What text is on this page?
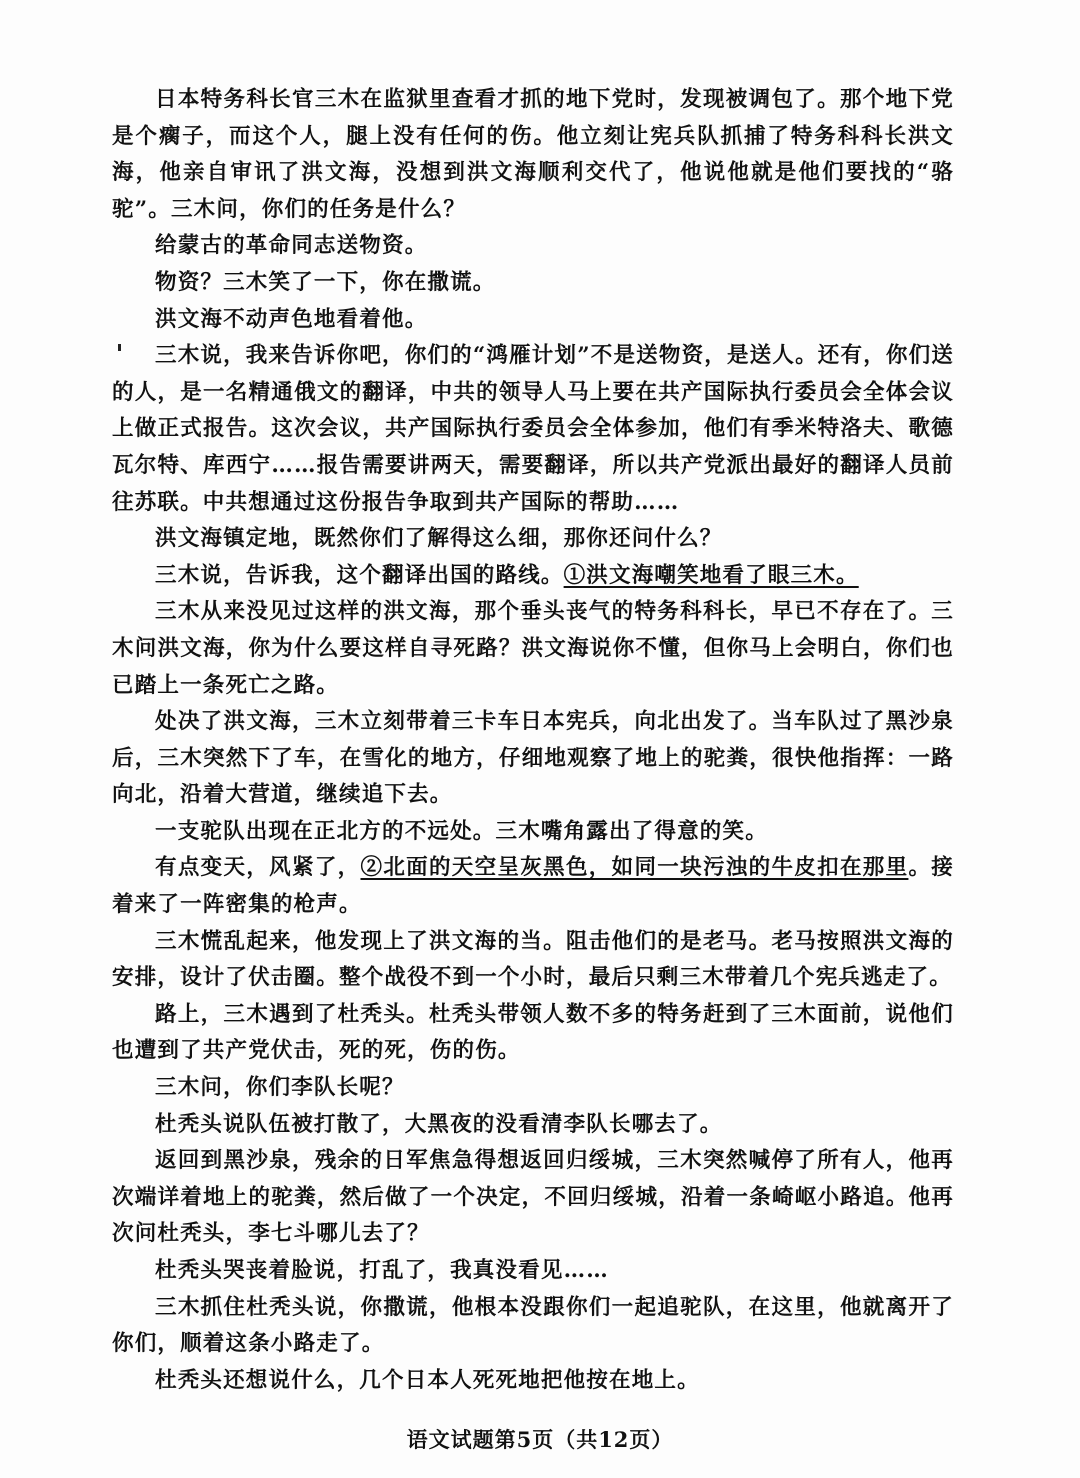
日本特务科长官三木在监狱里查看才抓的地下党时，发现被调包了。那个地下党是个瘸子，而这个人，腿上没有任何的伤。他立刻让宪兵队抓捕了特务科科长洪文海，他亲自审讯了洪文海，没想到洪文海顺利交代了，他说他就是他们要找的“骆驼”。三木问，你们的任务是什么？

给蒙古的革命同志送物资。

物资？三木笑了一下，你在撒谎。

洪文海不动声色地看着他。

三木说，我来告诉你吧，你们的“鸿雁计划”不是送物资，是送人。还有，你们送的人，是一名精通俄文的翻译，中共的领导人马上要在共产国际执行委员会全体会议上做正式报告。这次会议，共产国际执行委员会全体参加，他们有季米特洛夫、歌德瓦尔特、库西宁……报告需要讲两天，需要翻译，所以共产党派出最好的翻译人员前往苏联。中共想通过这份报告争取到共产国际的帮助……

洪文海镇定地，既然你们了解得这么细，那你还问什么？

三木说，告诉我，这个翻译出国的路线。①洪文海嘲笑地看了眼三木。

三木从来没见过这样的洪文海，那个垂头丧气的特务科科长，早已不存在了。三木问洪文海，你为什么要这样自寻死路？洪文海说你不懂，但你马上会明白，你们也已踏上一条死亡之路。

处决了洪文海，三木立刻带着三卡车日本宪兵，向北出发了。当车队过了黑沙泉后，三木突然下了车，在雪化的地方，仔细地观察了地上的驼粪，很快他指挥：一路向北，沿着大营道，继续追下去。

一支驼队出现在正北方的不远处。三木嘴角露出了得意的笑。

有点变天，风紧了，②北面的天空呈灰黑色，如同一块污浊的牛皮扣在那里。接着来了一阵密集的枪声。

三木慌乱起来，他发现上了洪文海的当。阻击他们的是老马。老马按照洪文海的安排，设计了伏击圈。整个战役不到一个小时，最后只剩三木带着几个宪兵逃走了。

路上，三木遇到了杜秃头。杜秃头带领人数不多的特务赶到了三木面前，说他们也遭到了共产党伏击，死的死，伤的伤。

三木问，你们李队长呢？

杜秃头说队伍被打散了，大黑夜的没看清李队长哪去了。

返回到黑沙泉，残余的日军焦急得想返回归绥城，三木突然喊停了所有人，他再次端详着地上的驼粪，然后做了一个决定，不回归绥城，沿着一条崎岖小路追。他再次问杜秃头，李七斗哪儿去了？

杜秃头哭丧着脸说，打乱了，我真没看见……

三木抓住杜秃头说，你撒谎，他根本没跟你们一起追驼队，在这里，他就离开了你们，顺着这条小路走了。

杜秃头还想说什么，几个日本人死死地把他按在地上。

语文试题第5页（共12页）
